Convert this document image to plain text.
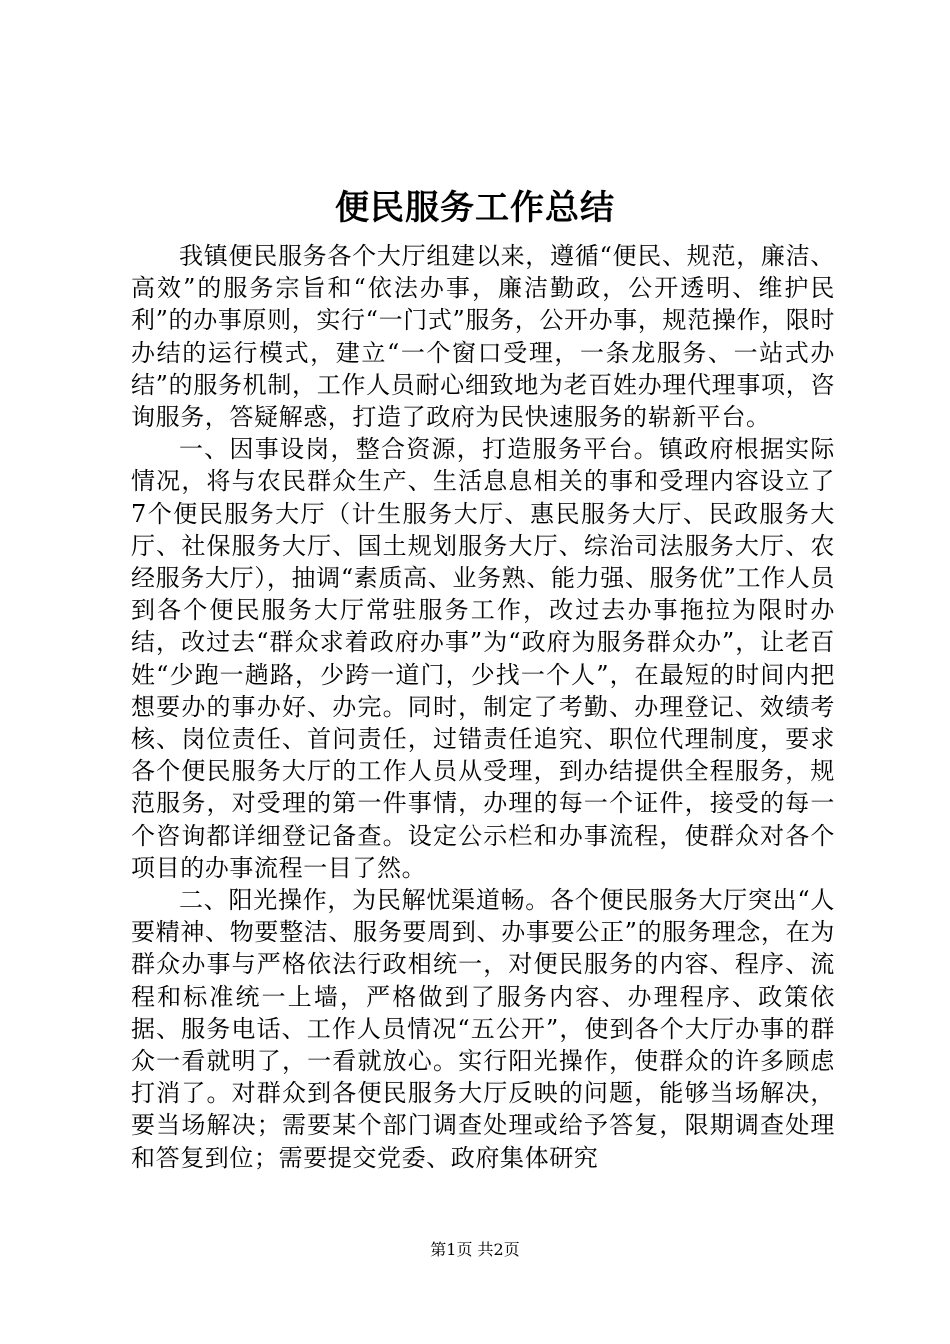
便民服务工作总结

我镇便民服务各个大厅组建以来，遵循“便民、规范，廉洁、高效”的服务宗旨和“依法办事，廉洁勤政，公开透明、维护民利”的办事原则，实行“一门式”服务，公开办事，规范操作，限时办结的运行模式，建立“一个窗口受理，一条龙服务、一站式办结”的服务机制，工作人员耐心细致地为老百姓办理代理事项，咨询服务，答疑解惑，打造了政府为民快速服务的崭新平台。

一、因事设岗，整合资源，打造服务平台。镇政府根据实际情况，将与农民群众生产、生活息息相关的事和受理内容设立了7个便民服务大厅（计生服务大厅、惠民服务大厅、民政服务大厅、社保服务大厅、国土规划服务大厅、综治司法服务大厅、农经服务大厅），抽调“素质高、业务熟、能力强、服务优”工作人员到各个便民服务大厅常驻服务工作，改过去办事拖拉为限时办结，改过去“群众求着政府办事”为“政府为服务群众办”，让老百姓“少跑一趟路，少跨一道门，少找一个人”，在最短的时间内把想要办的事办好、办完。同时，制定了考勤、办理登记、效绩考核、岗位责任、首问责任，过错责任追究、职位代理制度，要求各个便民服务大厅的工作人员从受理，到办结提供全程服务，规范服务，对受理的第一件事情，办理的每一个证件，接受的每一个咨询都详细登记备查。设定公示栏和办事流程，使群众对各个项目的办事流程一目了然。

二、阳光操作，为民解忧渠道畅。各个便民服务大厅突出“人要精神、物要整洁、服务要周到、办事要公正”的服务理念，在为群众办事与严格依法行政相统一，对便民服务的内容、程序、流程和标准统一上墙，严格做到了服务内容、办理程序、政策依据、服务电话、工作人员情况“五公开”，使到各个大厅办事的群众一看就明了，一看就放心。实行阳光操作，使群众的许多顾虑打消了。对群众到各便民服务大厅反映的问题，能够当场解决，要当场解决；需要某个部门调查处理或给予答复，限期调查处理和答复到位；需要提交党委、政府集体研究

第1页 共2页
